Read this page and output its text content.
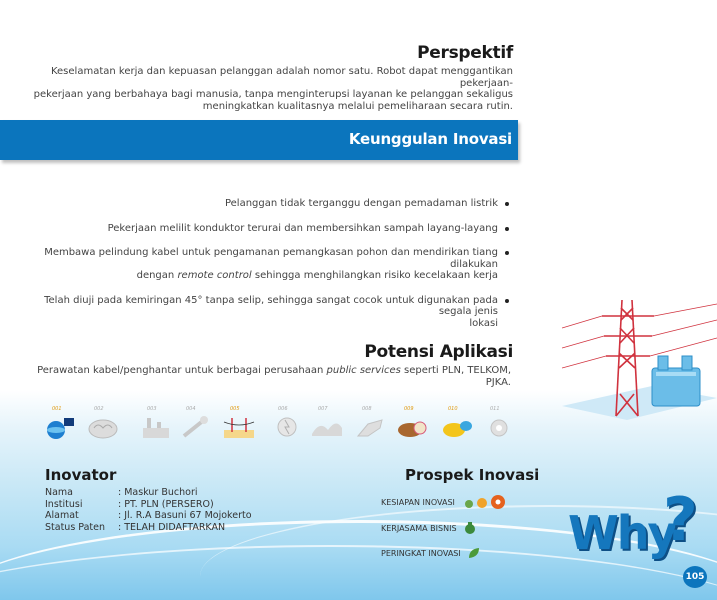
Perspektif
Keselamatan kerja dan kepuasan pelanggan adalah nomor satu. Robot dapat menggantikan pekerjaan-
pekerjaan yang berbahaya bagi manusia, tanpa menginterupsi layanan ke pelanggan sekaligus
meningkatkan kualitasnya melalui pemeliharaan secara rutin.
Keunggulan Inovasi
Pelanggan tidak terganggu dengan pemadaman listrik
Pekerjaan melilit konduktor terurai dan membersihkan sampah layang-layang
Membawa pelindung kabel untuk pengamanan pemangkasan pohon dan mendirikan tiang dilakukan
dengan remote control sehingga menghilangkan risiko kecelakaan kerja
Telah diuji pada kemiringan 45° tanpa selip, sehingga sangat cocok untuk digunakan pada segala jenis
lokasi
Potensi Aplikasi
Perawatan kabel/penghantar untuk berbagai perusahaan public services seperti PLN, TELKOM, PJKA.
001	002	003	004	005	006	007	008	009	010	011
Inovator
Nama	: Maskur Buchori
Institusi	: PT. PLN (PERSERO)
Alamat	: Jl. R.A Basuni 67 Mojokerto
Status Paten	: TELAH DIDAFTARKAN
Prospek Inovasi
KESIAPAN INOVASI
KERJASAMA BISNIS
PERINGKAT INOVASI Why
?
105
